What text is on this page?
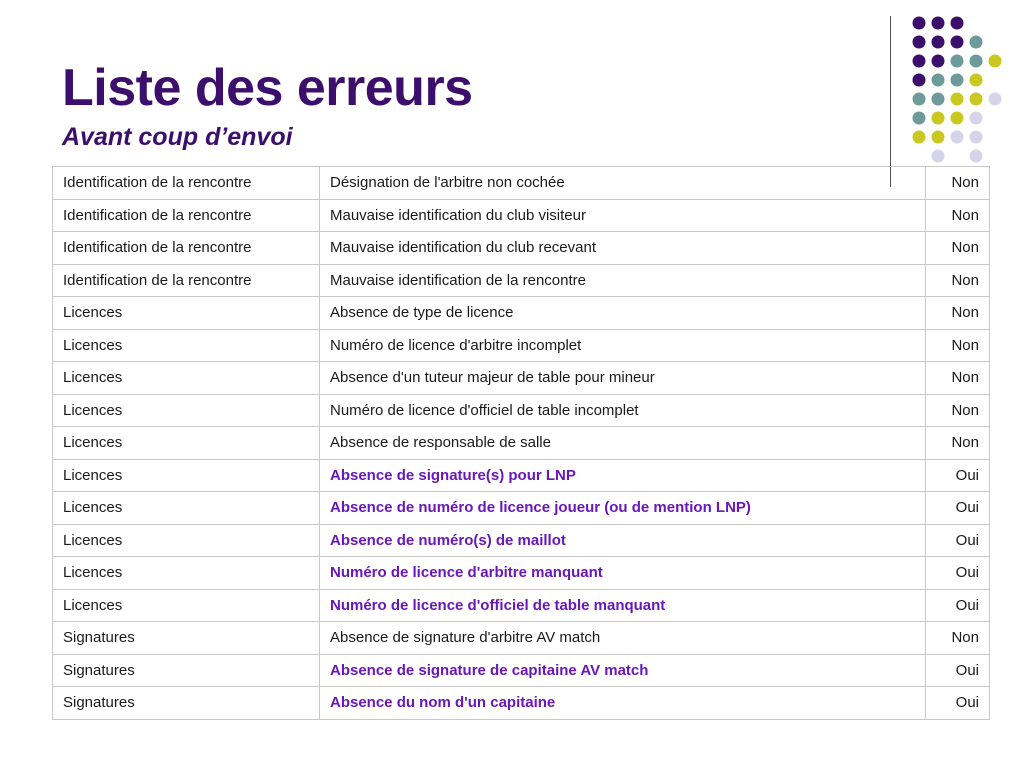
Liste des erreurs
Avant coup d’envoi
Identification de la rencontre	Désignation de l'arbitre non cochée	Non
Identification de la rencontre	Mauvaise identification du club visiteur	Non
Identification de la rencontre	Mauvaise identification du club recevant	Non
Identification de la rencontre	Mauvaise identification de la rencontre	Non
Licences	Absence de type de licence	Non
Licences	Numéro de licence d'arbitre incomplet	Non
Licences	Absence d'un tuteur majeur de table pour mineur	Non
Licences	Numéro de licence d'officiel de table incomplet	Non
Licences	Absence de responsable de salle	Non
Licences	Absence de signature(s) pour LNP	Oui
Licences	Absence de numéro de licence joueur (ou de mention LNP)	Oui
Licences	Absence de numéro(s) de maillot	Oui
Licences	Numéro de licence d'arbitre manquant	Oui
Licences	Numéro de licence d'officiel de table manquant	Oui
Signatures	Absence de signature d'arbitre AV match	Non
Signatures	Absence de signature de capitaine AV match	Oui
Signatures	Absence du nom d'un capitaine	Oui
